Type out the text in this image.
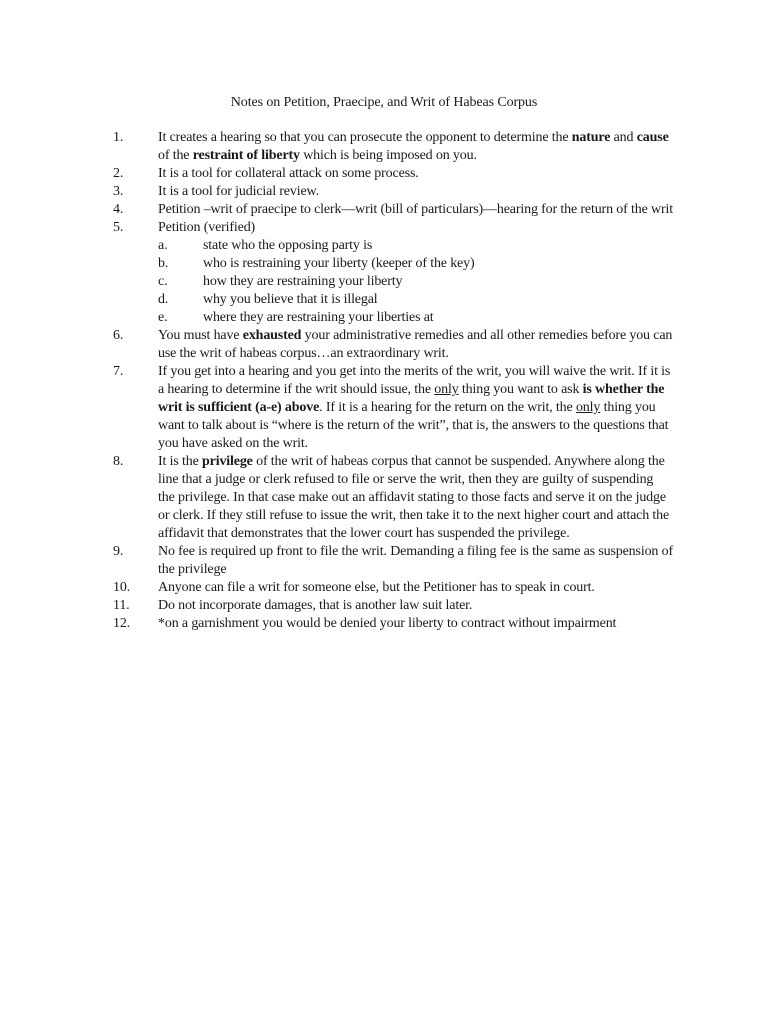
Notes on Petition, Praecipe, and Writ of Habeas Corpus
1. It creates a hearing so that you can prosecute the opponent to determine the nature and cause of the restraint of liberty which is being imposed on you.
2. It is a tool for collateral attack on some process.
3. It is a tool for judicial review.
4. Petition –writ of praecipe to clerk—writ (bill of particulars)—hearing for the return of the writ
5. Petition (verified)
a.	state who the opposing party is
b. who is restraining your liberty (keeper of the key)
c.	how they are restraining your liberty
d. why you believe that it is illegal
e.	where they are restraining your liberties at
6. You must have exhausted your administrative remedies and all other remedies before you can use the writ of habeas corpus…an extraordinary writ.
7. If you get into a hearing and you get into the merits of the writ, you will waive the writ. If it is a hearing to determine if the writ should issue, the only thing you want to ask is whether the writ is sufficient (a-e) above. If it is a hearing for the return on the writ, the only thing you want to talk about is “where is the return of the writ”, that is, the answers to the questions that you have asked on the writ.
8. It is the privilege of the writ of habeas corpus that cannot be suspended. Anywhere along the line that a judge or clerk refused to file or serve the writ, then they are guilty of suspending the privilege. In that case make out an affidavit stating to those facts and serve it on the judge or clerk. If they still refuse to issue the writ, then take it to the next higher court and attach the affidavit that demonstrates that the lower court has suspended the privilege.
9. No fee is required up front to file the writ. Demanding a filing fee is the same as suspension of the privilege
10. Anyone can file a writ for someone else, but the Petitioner has to speak in court.
11. Do not incorporate damages, that is another law suit later.
12. *on a garnishment you would be denied your liberty to contract without impairment
